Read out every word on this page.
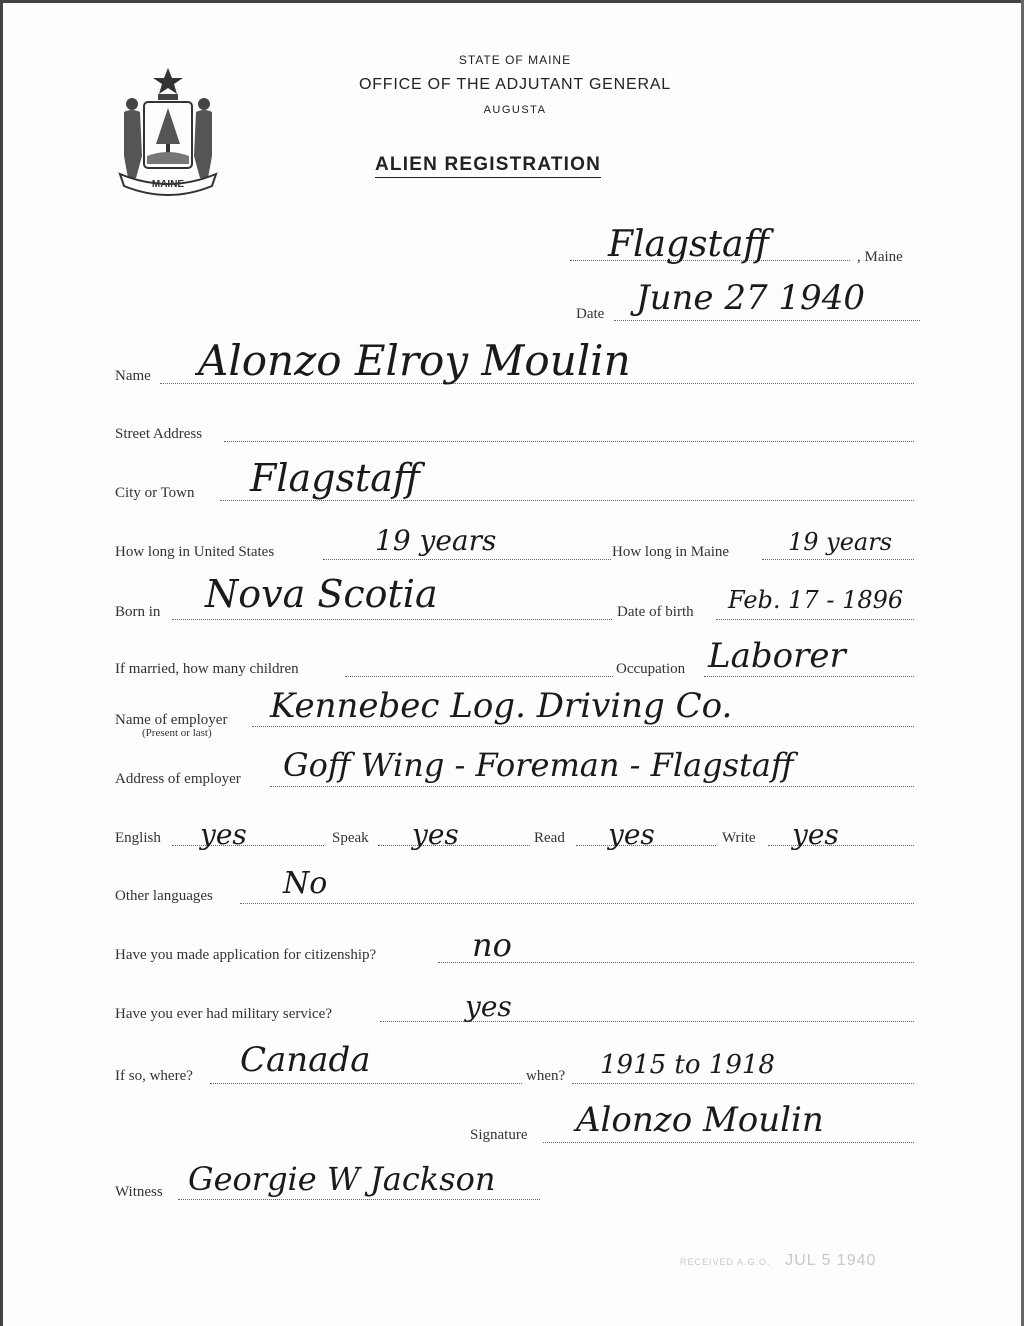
MAINE
STATE OF MAINE
OFFICE OF THE ADJUTANT GENERAL
AUGUSTA
ALIEN REGISTRATION
Flagstaff	, Maine
Date June 27 1940
Name Alonzo Elroy Moulin
Street Address
City or Town Flagstaff
How long in United States	19 years	How long in Maine 19 years
Born in Nova Scotia	Date of birth Feb. 17 - 1896
If married, how many children	Occupation Laborer
Name of employer
(Present or last)
Kennebec Log. Driving Co.
Address of employer Goff Wing - Foreman - Flagstaff
English yes	Speak yes	Read yes	Write yes
Other languages No
Have you made application for citizenship?	no
Have you ever had military service?	yes
If so, where? Canada	when? 1915 to 1918
Signature Alonzo Moulin
Witness Georgie W Jackson
RECEIVED A.G.O. JUL 5 1940
